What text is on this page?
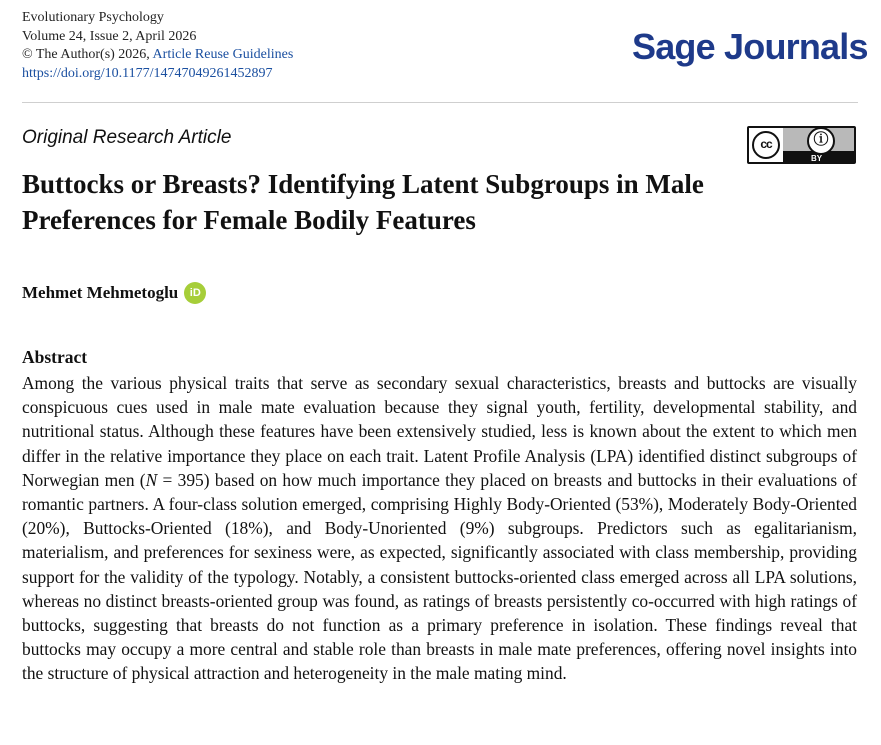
Evolutionary Psychology
Volume 24, Issue 2, April 2026
© The Author(s) 2026, Article Reuse Guidelines
https://doi.org/10.1177/14747049261452897
Sage Journals
Original Research Article	cc	ⓘ
BY
Buttocks or Breasts? Identifying Latent Subgroups in Male Preferences for Female Bodily Features
Mehmet Mehmetoglu	iD
Abstract

Among the various physical traits that serve as secondary sexual characteristics, breasts and buttocks are visually conspicuous cues used in male mate evaluation because they signal youth, fertility, developmental stability, and nutritional status. Although these features have been extensively studied, less is known about the extent to which men differ in the relative importance they place on each trait. Latent Profile Analysis (LPA) identified distinct subgroups of Norwegian men (N = 395) based on how much importance they placed on breasts and buttocks in their evaluations of romantic partners. A four-class solution emerged, comprising Highly Body-Oriented (53%), Moderately Body-Oriented (20%), Buttocks-Oriented (18%), and Body-Unoriented (9%) subgroups. Predictors such as egalitarianism, materialism, and preferences for sexiness were, as expected, significantly associated with class membership, providing support for the validity of the typology. Notably, a consistent buttocks-oriented class emerged across all LPA solutions, whereas no distinct breasts-oriented group was found, as ratings of breasts persistently co-occurred with high ratings of buttocks, suggesting that breasts do not function as a primary preference in isolation. These findings reveal that buttocks may occupy a more central and stable role than breasts in male mate preferences, offering novel insights into the structure of physical attraction and heterogeneity in the male mating mind.
